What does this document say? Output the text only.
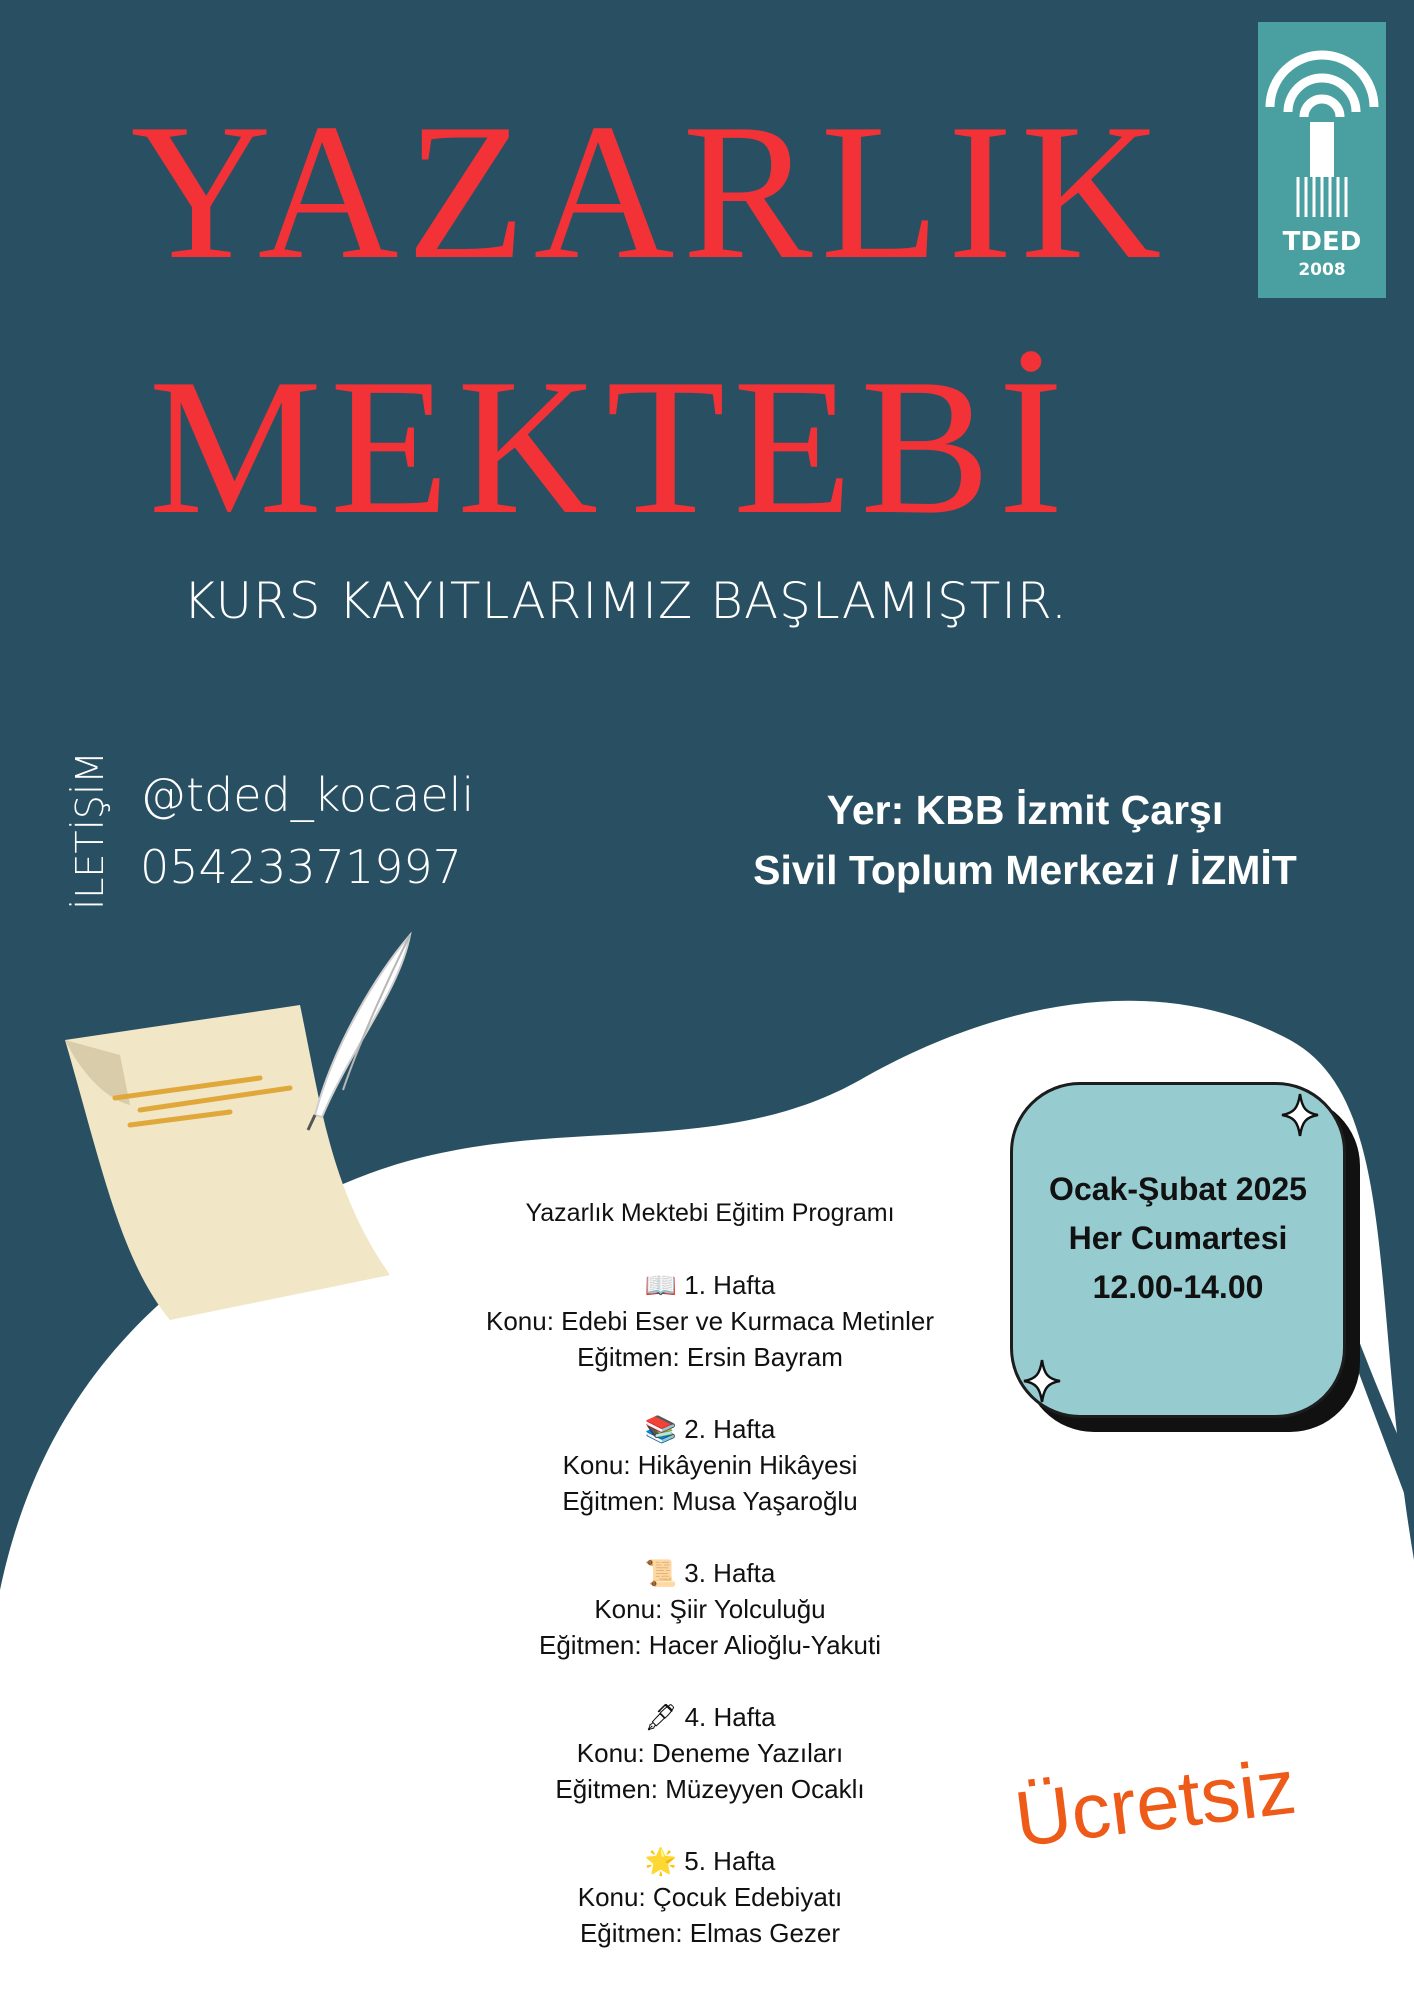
YAZARLIK
MEKTEBİ
KURS KAYITLARIMIZ BAŞLAMIŞTIR.
TDED
2008
İLETİŞİM @tded_kocaeli
05423371997
Yer: KBB İzmit Çarşı
Sivil Toplum Merkezi / İZMİT
Yazarlık Mektebi Eğitim Programı
📖 1. Hafta
Konu: Edebi Eser ve Kurmaca Metinler
Eğitmen: Ersin Bayram
📚 2. Hafta
Konu: Hikâyenin Hikâyesi
Eğitmen: Musa Yaşaroğlu
📜 3. Hafta
Konu: Şiir Yolculuğu
Eğitmen: Hacer Alioğlu-Yakuti
🖋 4. Hafta
Konu: Deneme Yazıları
Eğitmen: Müzeyyen Ocaklı
🌟 5. Hafta
Konu: Çocuk Edebiyatı
Eğitmen: Elmas Gezer
Ocak-Şubat 2025
Her Cumartesi
12.00-14.00
Ücretsiz
